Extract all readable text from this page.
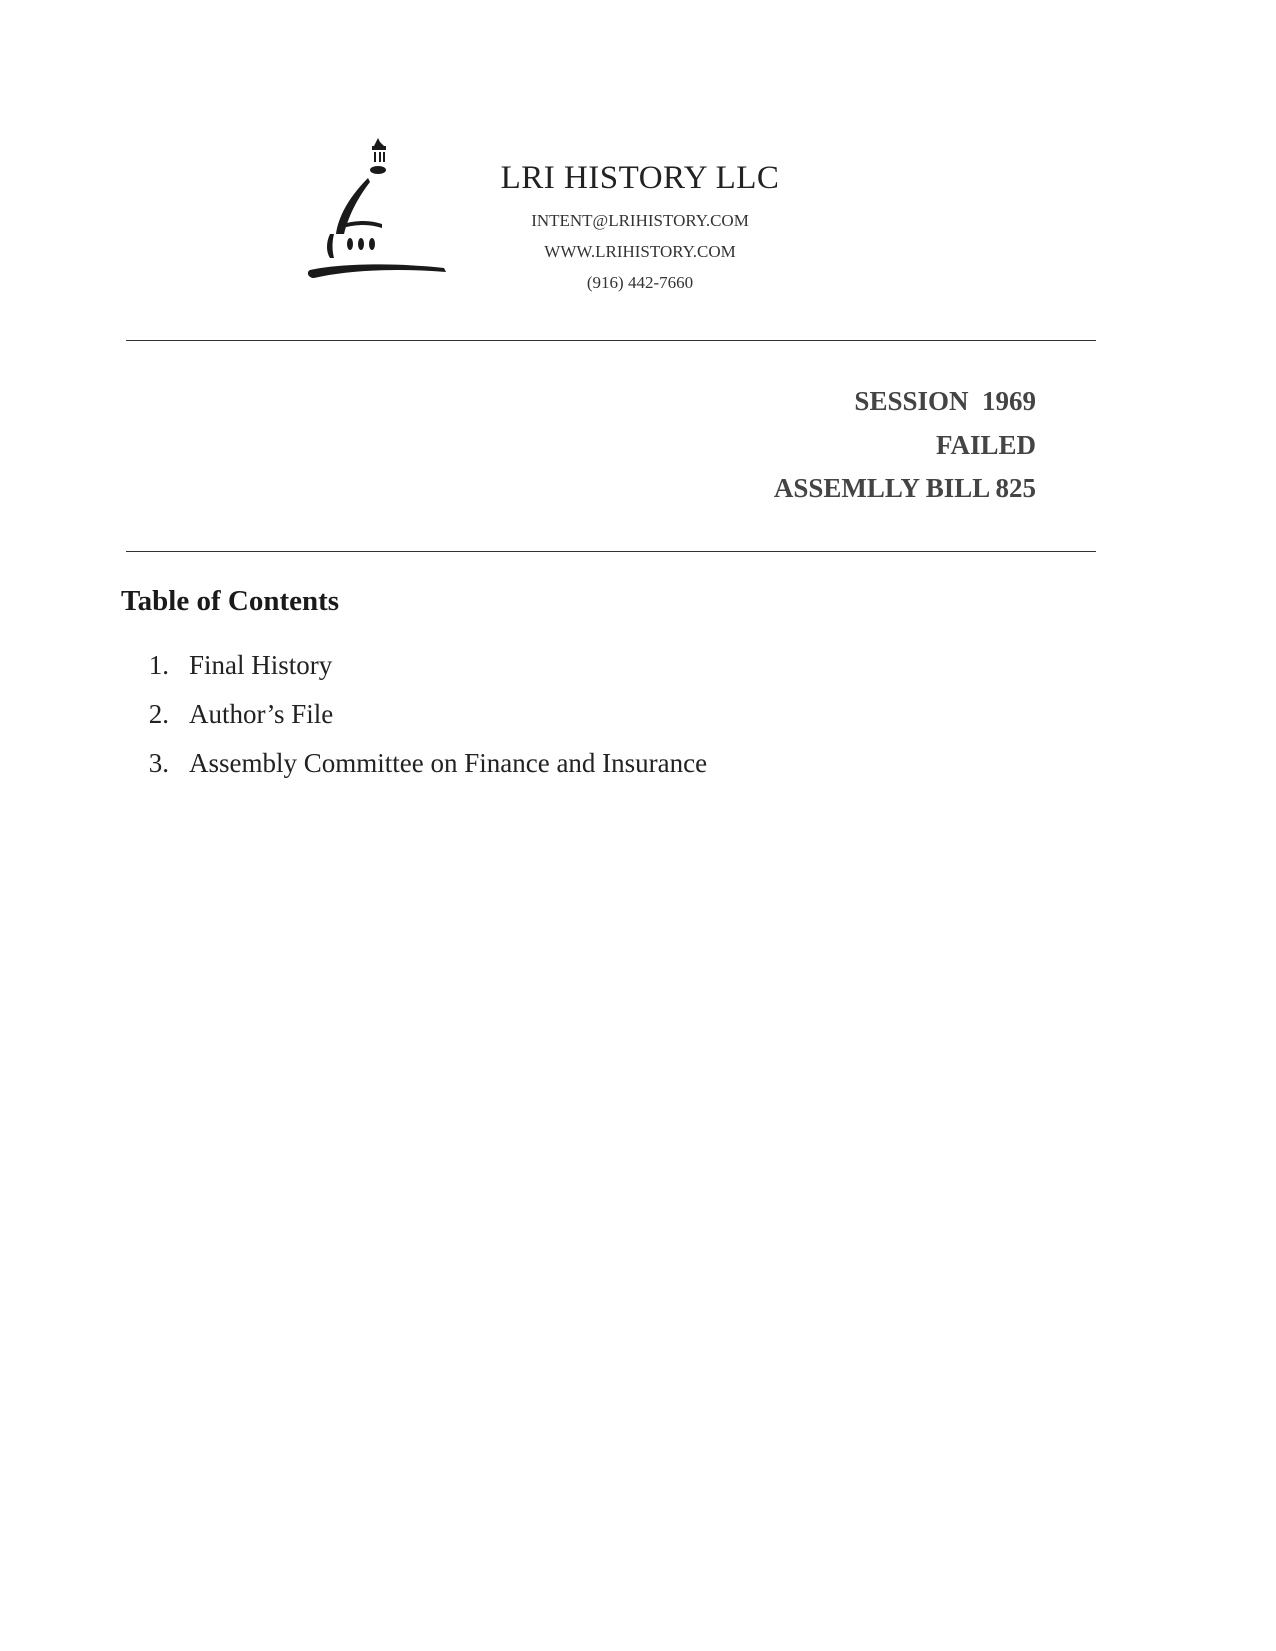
LRI HISTORY LLC
INTENT@LRIHISTORY.COM
WWW.LRIHISTORY.COM
(916) 442-7660
SESSION  1969
FAILED
ASSEMLLY BILL 825
Table of Contents
1. Final History
2. Author’s File
3. Assembly Committee on Finance and Insurance
